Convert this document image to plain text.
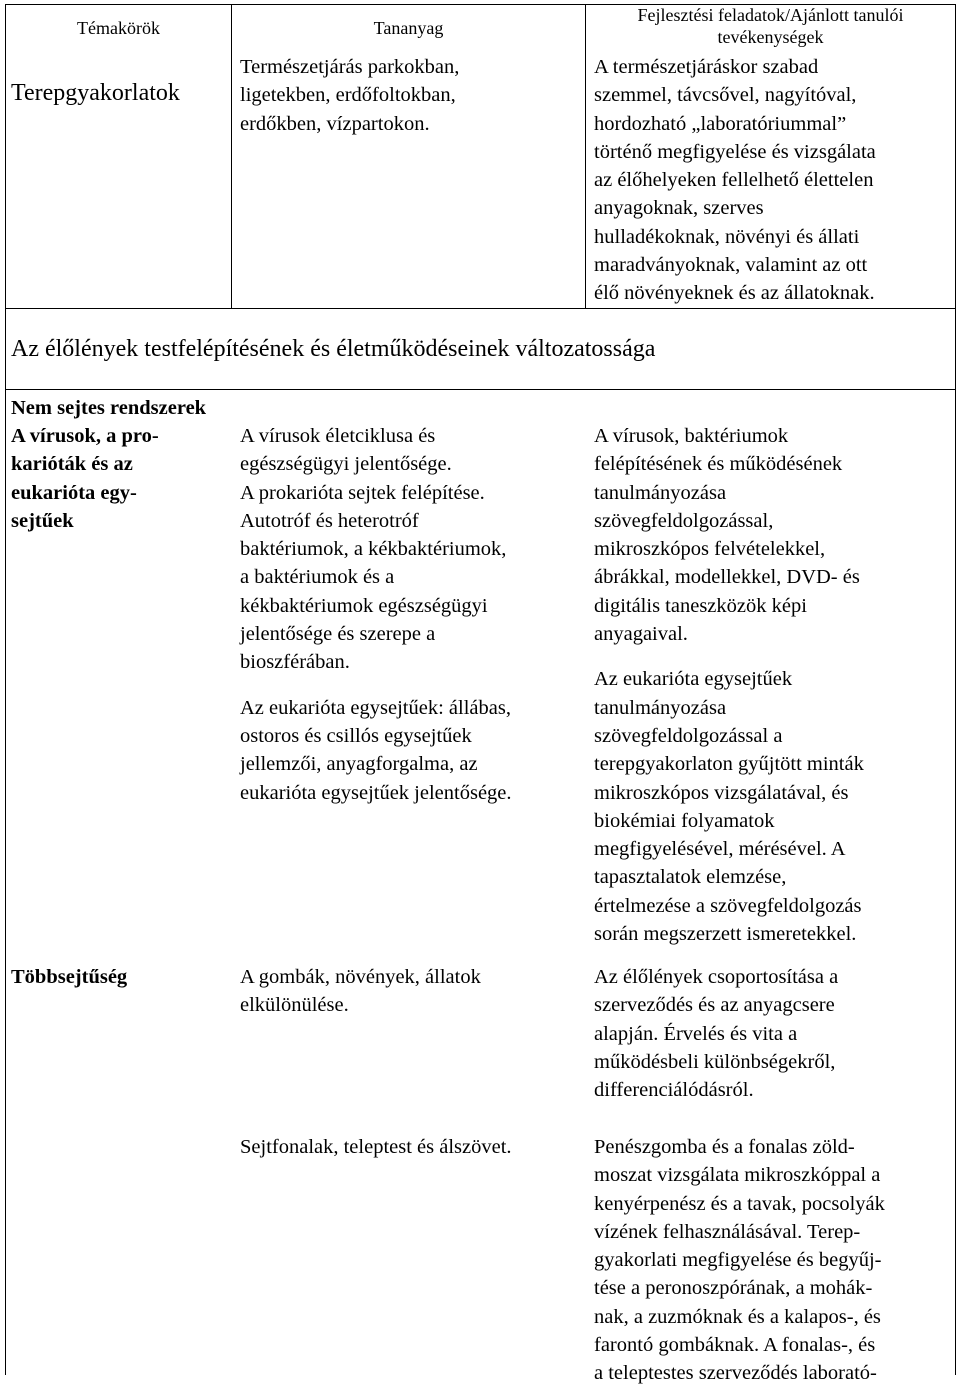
Témakörök	Tananyag
Fejlesztési feladatok/Ajánlott tanulói
tevékenységek
Terepgyakorlatok
Természetjárás parkokban,
ligetekben, erdőfoltokban,
erdőkben, vízpartokon.
A természetjáráskor szabad
szemmel, távcsővel, nagyítóval,
hordozható „laboratóriummal”
történő megfigyelése és vizsgálata
az élőhelyeken fellelhető élettelen
anyagoknak, szerves
hulladékoknak, növényi és állati
maradványoknak, valamint az ott
élő növényeknek és az állatoknak.
Az élőlények testfelépítésének és életműködéseinek változatossága
Nem sejtes rendszerek
A vírusok, a pro-
karióták és az
eukarióta egy-
sejtűek
A vírusok életciklusa és
egészségügyi jelentősége.
A prokarióta sejtek felépítése.
Autotróf és heterotróf
baktériumok, a kékbaktériumok,
a baktériumok és a
kékbaktériumok egészségügyi
jelentősége és szerepe a
bioszférában.
Az eukarióta egysejtűek: állábas,
ostoros és csillós egysejtűek
jellemzői, anyagforgalma, az
eukarióta egysejtűek jelentősége.
A vírusok, baktériumok
felépítésének és működésének
tanulmányozása
szövegfeldolgozással,
mikroszkópos felvételekkel,
ábrákkal, modellekkel, DVD- és
digitális taneszközök képi
anyagaival.
Az eukarióta egysejtűek
tanulmányozása
szövegfeldolgozással a
terepgyakorlaton gyűjtött minták
mikroszkópos vizsgálatával, és
biokémiai folyamatok
megfigyelésével, mérésével. A
tapasztalatok elemzése,
értelmezése a szövegfeldolgozás
során megszerzett ismeretekkel.
Többsejtűség	A gombák, növények, állatok
elkülönülése.
Sejtfonalak, teleptest és álszövet.
Az élőlények csoportosítása a
szerveződés és az anyagcsere
alapján. Érvelés és vita a
működésbeli különbségekről,
differenciálódásról.
Penészgomba és a fonalas zöld-
moszat vizsgálata mikroszkóppal a
kenyérpenész és a tavak, pocsolyák
vízének felhasználásával. Terep-
gyakorlati megfigyelése és begyűj-
tése a peronoszpórának, a mohák-
nak, a zuzmóknak és a kalapos-, és
farontó gombáknak. A fonalas-, és
a teleptestes szerveződés laborató-
